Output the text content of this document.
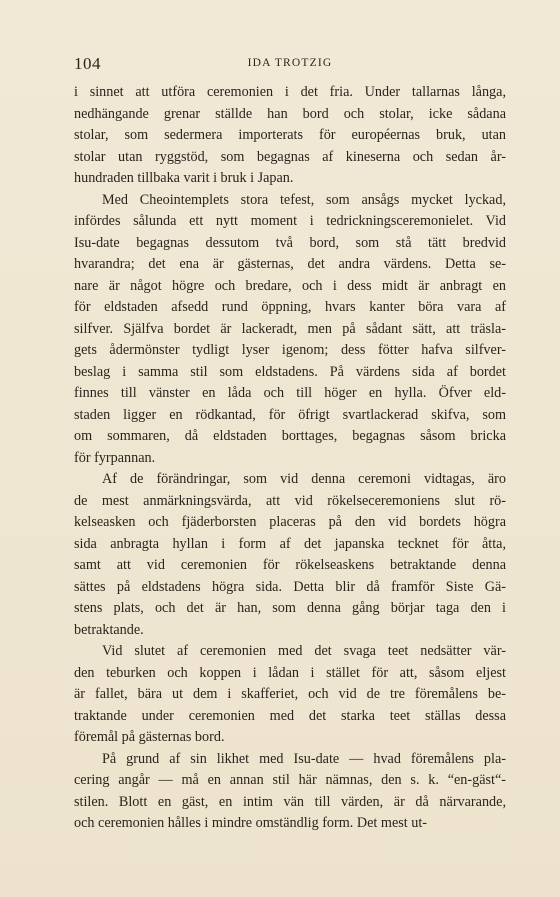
104	IDA TROTZIG
i sinnet att utföra ceremonien i det fria. Under tallarnas långa,
nedhängande grenar ställde han bord och stolar, icke sådana
stolar, som sedermera importerats för européernas bruk, utan
stolar utan ryggstöd, som begagnas af kineserna och sedan år-
hundraden tillbaka varit i bruk i Japan.
Med Cheointemplets stora tefest, som ansågs mycket lyckad,
infördes sålunda ett nytt moment i tedrickningsceremonielet. Vid
Isu-date begagnas dessutom två bord, som stå tätt bredvid
hvarandra; det ena är gästernas, det andra värdens. Detta se-
nare är något högre och bredare, och i dess midt är anbragt en
för eldstaden afsedd rund öppning, hvars kanter böra vara af
silfver. Själfva bordet är lackeradt, men på sådant sätt, att träsla-
gets ådermönster tydligt lyser igenom; dess fötter hafva silfver-
beslag i samma stil som eldstadens. På värdens sida af bordet
finnes till vänster en låda och till höger en hylla. Öfver eld-
staden ligger en rödkantad, för öfrigt svartlackerad skifva, som
om sommaren, då eldstaden borttages, begagnas såsom bricka
för fyrpannan.
Af de förändringar, som vid denna ceremoni vidtagas, äro
de mest anmärkningsvärda, att vid rökelseceremoniens slut rö-
kelseasken och fjäderborsten placeras på den vid bordets högra
sida anbragta hyllan i form af det japanska tecknet för åtta,
samt att vid ceremonien för rökelseaskens betraktande denna
sättes på eldstadens högra sida. Detta blir då framför Siste Gä-
stens plats, och det är han, som denna gång börjar taga den i
betraktande.
Vid slutet af ceremonien med det svaga teet nedsätter vär-
den teburken och koppen i lådan i stället för att, såsom eljest
är fallet, bära ut dem i skafferiet, och vid de tre föremålens be-
traktande under ceremonien med det starka teet ställas dessa
föremål på gästernas bord.
På grund af sin likhet med Isu-date — hvad föremålens pla-
cering angår — må en annan stil här nämnas, den s. k. “en-gäst“-
stilen. Blott en gäst, en intim vän till värden, är då närvarande,
och ceremonien hålles i mindre omständlig form. Det mest ut-
